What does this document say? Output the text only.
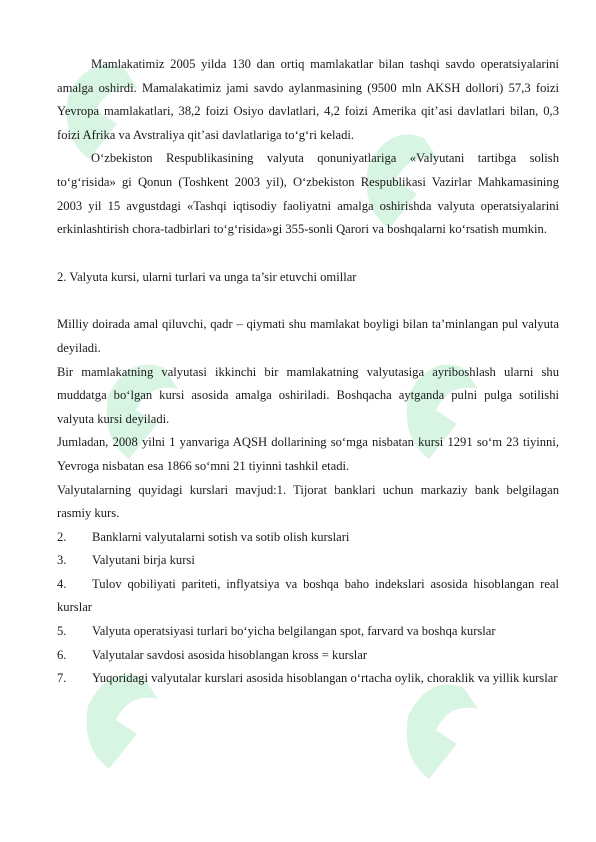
Mamlakatimiz 2005 yilda 130 dan ortiq mamlakatlar bilan tashqi savdo operatsiyalarini amalga oshirdi. Mamalakatimiz jami savdo aylanmasining (9500 mln AKSH dollori) 57,3 foizi Yevropa mamlakatlari, 38,2 foizi Osiyo davlatlari, 4,2 foizi Amerika qit’asi davlatlari bilan, 0,3 foizi Afrika va Avstraliya qit’asi davlatlariga to‘g‘ri keladi.

O‘zbekiston Respublikasining valyuta qonuniyatlariga «Valyutani tartibga solish to‘g‘risida» gi Qonun (Toshkent 2003 yil), O‘zbekiston Respublikasi Vazirlar Mahkamasining 2003 yil 15 avgustdagi «Tashqi iqtisodiy faoliyatni amalga oshirishda valyuta operatsiyalarini erkinlashtirish chora-tadbirlari to‘g‘risida»gi 355-sonli Qarori va boshqalarni ko‘rsatish mumkin.

2. Valyuta kursi, ularni turlari va unga ta’sir etuvchi omillar

Milliy doirada amal qiluvchi, qadr – qiymati shu mamlakat boyligi bilan ta’minlangan pul valyuta deyiladi.

Bir mamlakatning valyutasi ikkinchi bir mamlakatning valyutasiga ayriboshlash ularni shu muddatga bo‘lgan kursi asosida amalga oshiriladi. Boshqacha aytganda pulni pulga sotilishi valyuta kursi deyiladi.

Jumladan, 2008 yilni 1 yanvariga AQSH dollarining so‘mga nisbatan kursi 1291 so‘m 23 tiyinni, Yevroga nisbatan esa 1866 so‘mni 21 tiyinni tashkil etadi.

Valyutalarning quyidagi kurslari mavjud:1. Tijorat banklari uchun markaziy bank belgilagan rasmiy kurs.

2.	Banklarni valyutalarni sotish va sotib olish kurslari
3.	Valyutani birja kursi
4. Tulov qobiliyati pariteti, inflyatsiya va boshqa baho indekslari asosida hisoblangan real kurslar
5.	Valyuta operatsiyasi turlari bo‘yicha belgilangan spot, farvard va boshqa kurslar
6.	Valyutalar savdosi asosida hisoblangan kross = kurslar
7. Yuqoridagi valyutalar kurslari asosida hisoblangan o‘rtacha oylik, choraklik va yillik kurslar
